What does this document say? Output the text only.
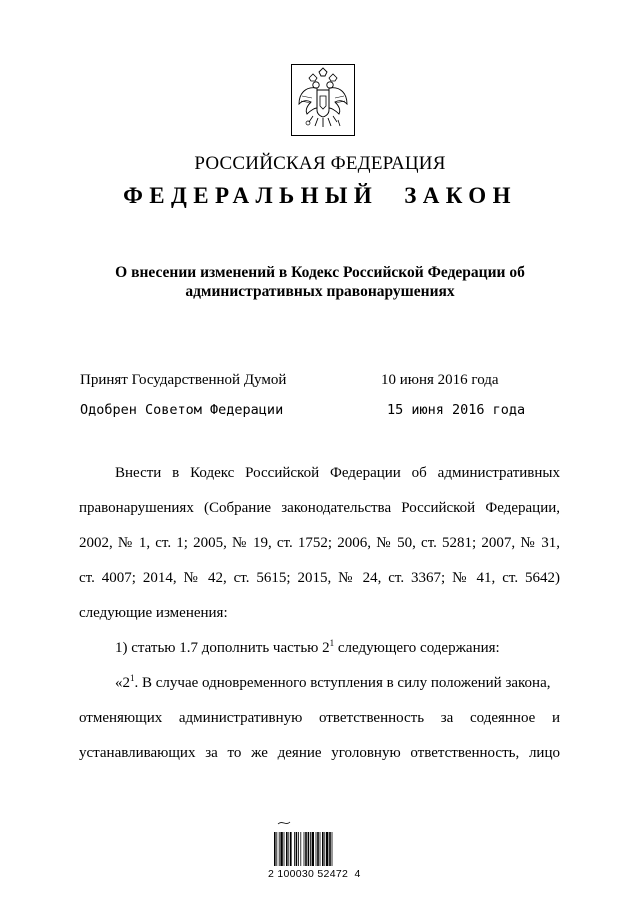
РОССИЙСКАЯ ФЕДЕРАЦИЯ
ФЕДЕРАЛЬНЫЙ ЗАКОН
О внесении изменений в Кодекс Российской Федерации об
административных правонарушениях
Принят Государственной Думой	10 июня 2016 года
Одобрен Советом Федерации	15 июня 2016 года
Внести в Кодекс Российской Федерации об административных
правонарушениях (Собрание законодательства Российской Федерации,
2002, № 1, ст. 1; 2005, № 19, ст. 1752; 2006, № 50, ст. 5281; 2007, № 31,
ст. 4007; 2014, № 42, ст. 5615; 2015, № 24, ст. 3367; № 41, ст. 5642)
следующие изменения:
1) статью 1.7 дополнить частью $2^1$ следующего содержания:
«$2^1$. В случае одновременного вступления в силу положений закона,
отменяющих административную ответственность за содеянное и
устанавливающих за то же деяние уголовную ответственность, лицо
2 100030 52472  4
